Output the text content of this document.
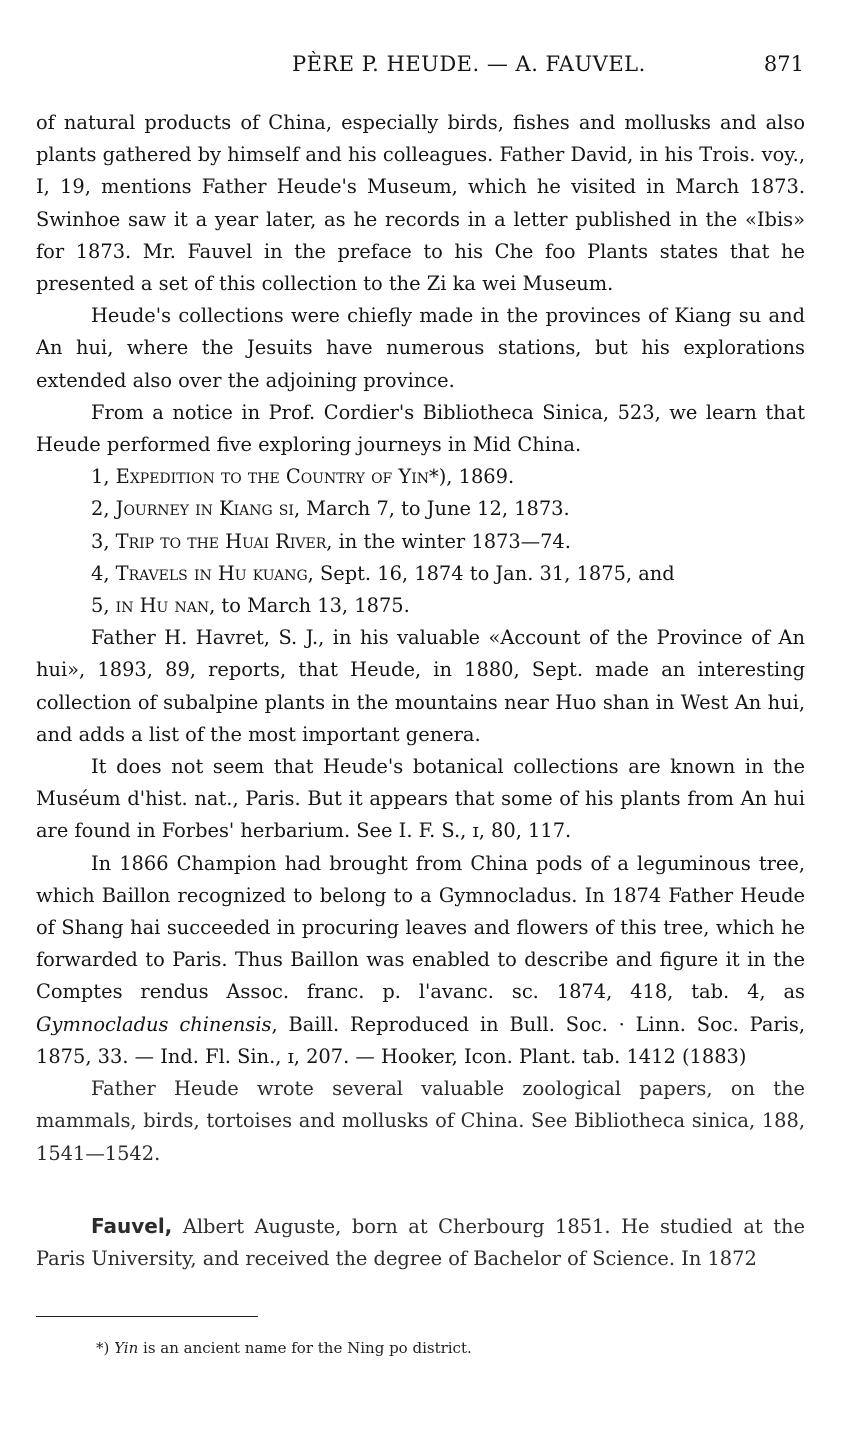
PÈRE P. HEUDE. — A. FAUVEL.	871

of natural products of China, especially birds, fishes and mollusks and also plants gathered by himself and his colleagues. Father David, in his Trois. voy., I, 19, mentions Father Heude's Museum, which he visited in March 1873. Swinhoe saw it a year later, as he records in a letter published in the «Ibis» for 1873. Mr. Fauvel in the preface to his Che foo Plants states that he presented a set of this collection to the Zi ka wei Museum.

Heude's collections were chiefly made in the provinces of Kiang su and An hui, where the Jesuits have numerous stations, but his explorations extended also over the adjoining province.

From a notice in Prof. Cordier's Bibliotheca Sinica, 523, we learn that Heude performed five exploring journeys in Mid China.

1, Expedition to the Country of Yin*), 1869.

2, Journey in Kiang si, March 7, to June 12, 1873.

3, Trip to the Huai River, in the winter 1873—74.

4, Travels in Hu kuang, Sept. 16, 1874 to Jan. 31, 1875, and

5, in Hu nan, to March 13, 1875.

Father H. Havret, S. J., in his valuable «Account of the Province of An hui», 1893, 89, reports, that Heude, in 1880, Sept. made an interesting collection of subalpine plants in the mountains near Huo shan in West An hui, and adds a list of the most important genera.

It does not seem that Heude's botanical collections are known in the Muséum d'hist. nat., Paris. But it appears that some of his plants from An hui are found in Forbes' herbarium. See I. F. S., ɪ, 80, 117.

In 1866 Champion had brought from China pods of a leguminous tree, which Baillon recognized to belong to a Gymnocladus. In 1874 Father Heude of Shang hai succeeded in procuring leaves and flowers of this tree, which he forwarded to Paris. Thus Baillon was enabled to describe and figure it in the Comptes rendus Assoc. franc. p. l'avanc. sc. 1874, 418, tab. 4, as Gymnocladus chinensis, Baill. Reproduced in Bull. Soc. · Linn. Soc. Paris, 1875, 33. — Ind. Fl. Sin., ɪ, 207. — Hooker, Icon. Plant. tab. 1412 (1883)

Father Heude wrote several valuable zoological papers, on the mammals, birds, tortoises and mollusks of China. See Bibliotheca sinica, 188, 1541—1542.

Fauvel, Albert Auguste, born at Cherbourg 1851. He studied at the Paris University, and received the degree of Bachelor of Science. In 1872

*) Yin is an ancient name for the Ning po district.
